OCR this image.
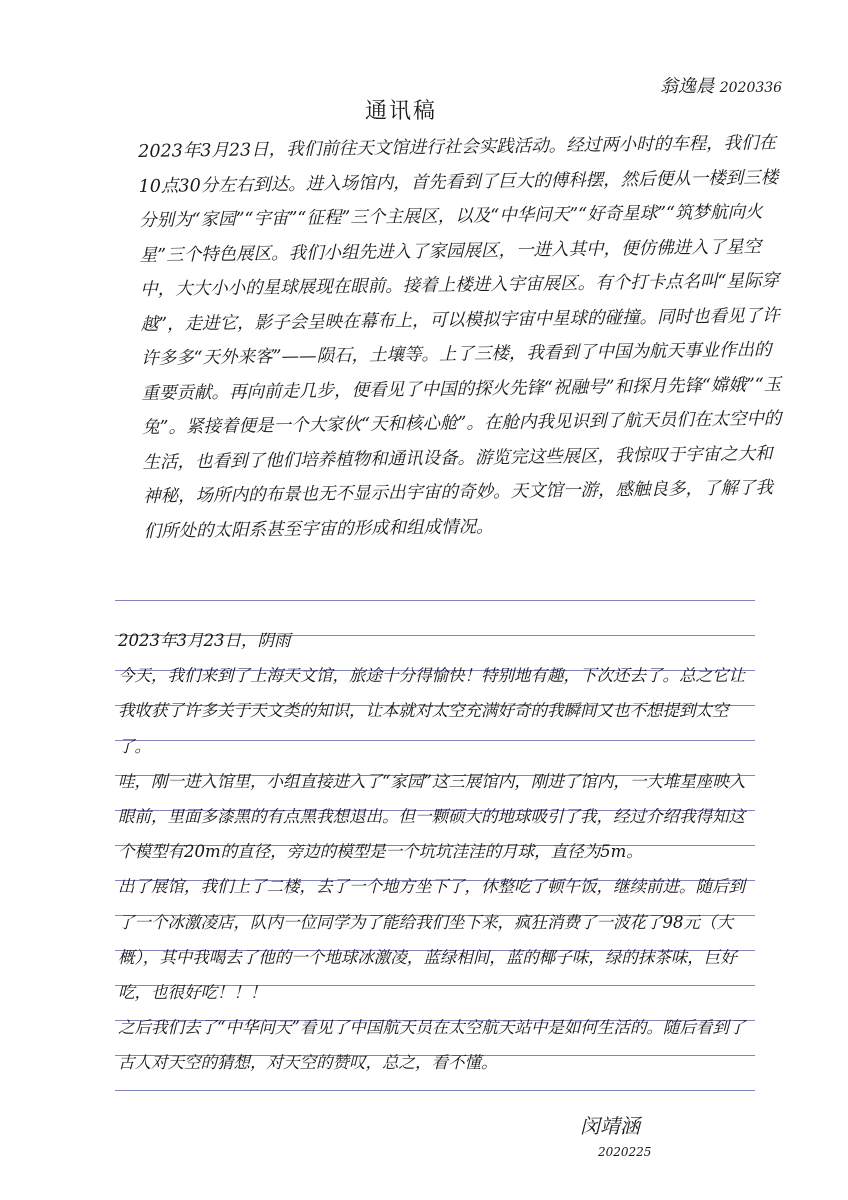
翁逸晨 2020336
通讯稿

2023年3月23日，我们前往天文馆进行社会实践活动。经过两小时的车程，我们在10点30分左右到达。进入场馆内，首先看到了巨大的傅科摆，然后便从一楼到三楼分别为“家园”“宇宙”“征程”三个主展区，以及“中华问天”“好奇星球”“筑梦航向火星”三个特色展区。我们小组先进入了家园展区，一进入其中，便仿佛进入了星空中，大大小小的星球展现在眼前。接着上楼进入宇宙展区。有个打卡点名叫“星际穿越”，走进它，影子会呈映在幕布上，可以模拟宇宙中星球的碰撞。同时也看见了许许多多“天外来客”——陨石，土壤等。上了三楼，我看到了中国为航天事业作出的重要贡献。再向前走几步，便看见了中国的探火先锋“祝融号”和探月先锋“嫦娥”“玉兔”。紧接着便是一个大家伙“天和核心舱”。在舱内我见识到了航天员们在太空中的生活，也看到了他们培养植物和通讯设备。游览完这些展区，我惊叹于宇宙之大和神秘，场所内的布景也无不显示出宇宙的奇妙。天文馆一游，感触良多，了解了我们所处的太阳系甚至宇宙的形成和组成情况。

2023年3月23日，阴雨

今天，我们来到了上海天文馆，旅途十分得愉快！特别地有趣，下次还去了。总之它让我收获了许多关于天文类的知识，让本就对太空充满好奇的我瞬间又也不想提到太空了。

哇，刚一进入馆里，小组直接进入了“家园”这三展馆内，刚进了馆内，一大堆星座映入眼前，里面多漆黑的有点黑我想退出。但一颗硕大的地球吸引了我，经过介绍我得知这个模型有20m的直径，旁边的模型是一个坑坑洼洼的月球，直径为5m。

出了展馆，我们上了二楼，去了一个地方坐下了，休整吃了顿午饭，继续前进。随后到了一个冰激凌店，队内一位同学为了能给我们坐下来，疯狂消费了一波花了98元（大概），其中我喝去了他的一个地球冰激凌，蓝绿相间，蓝的椰子味，绿的抹茶味，巨好吃，也很好吃！！！

之后我们去了“中华问天”看见了中国航天员在太空航天站中是如何生活的。随后看到了古人对天空的猜想，对天空的赞叹，总之，看不懂。

闵靖涵
2020225
